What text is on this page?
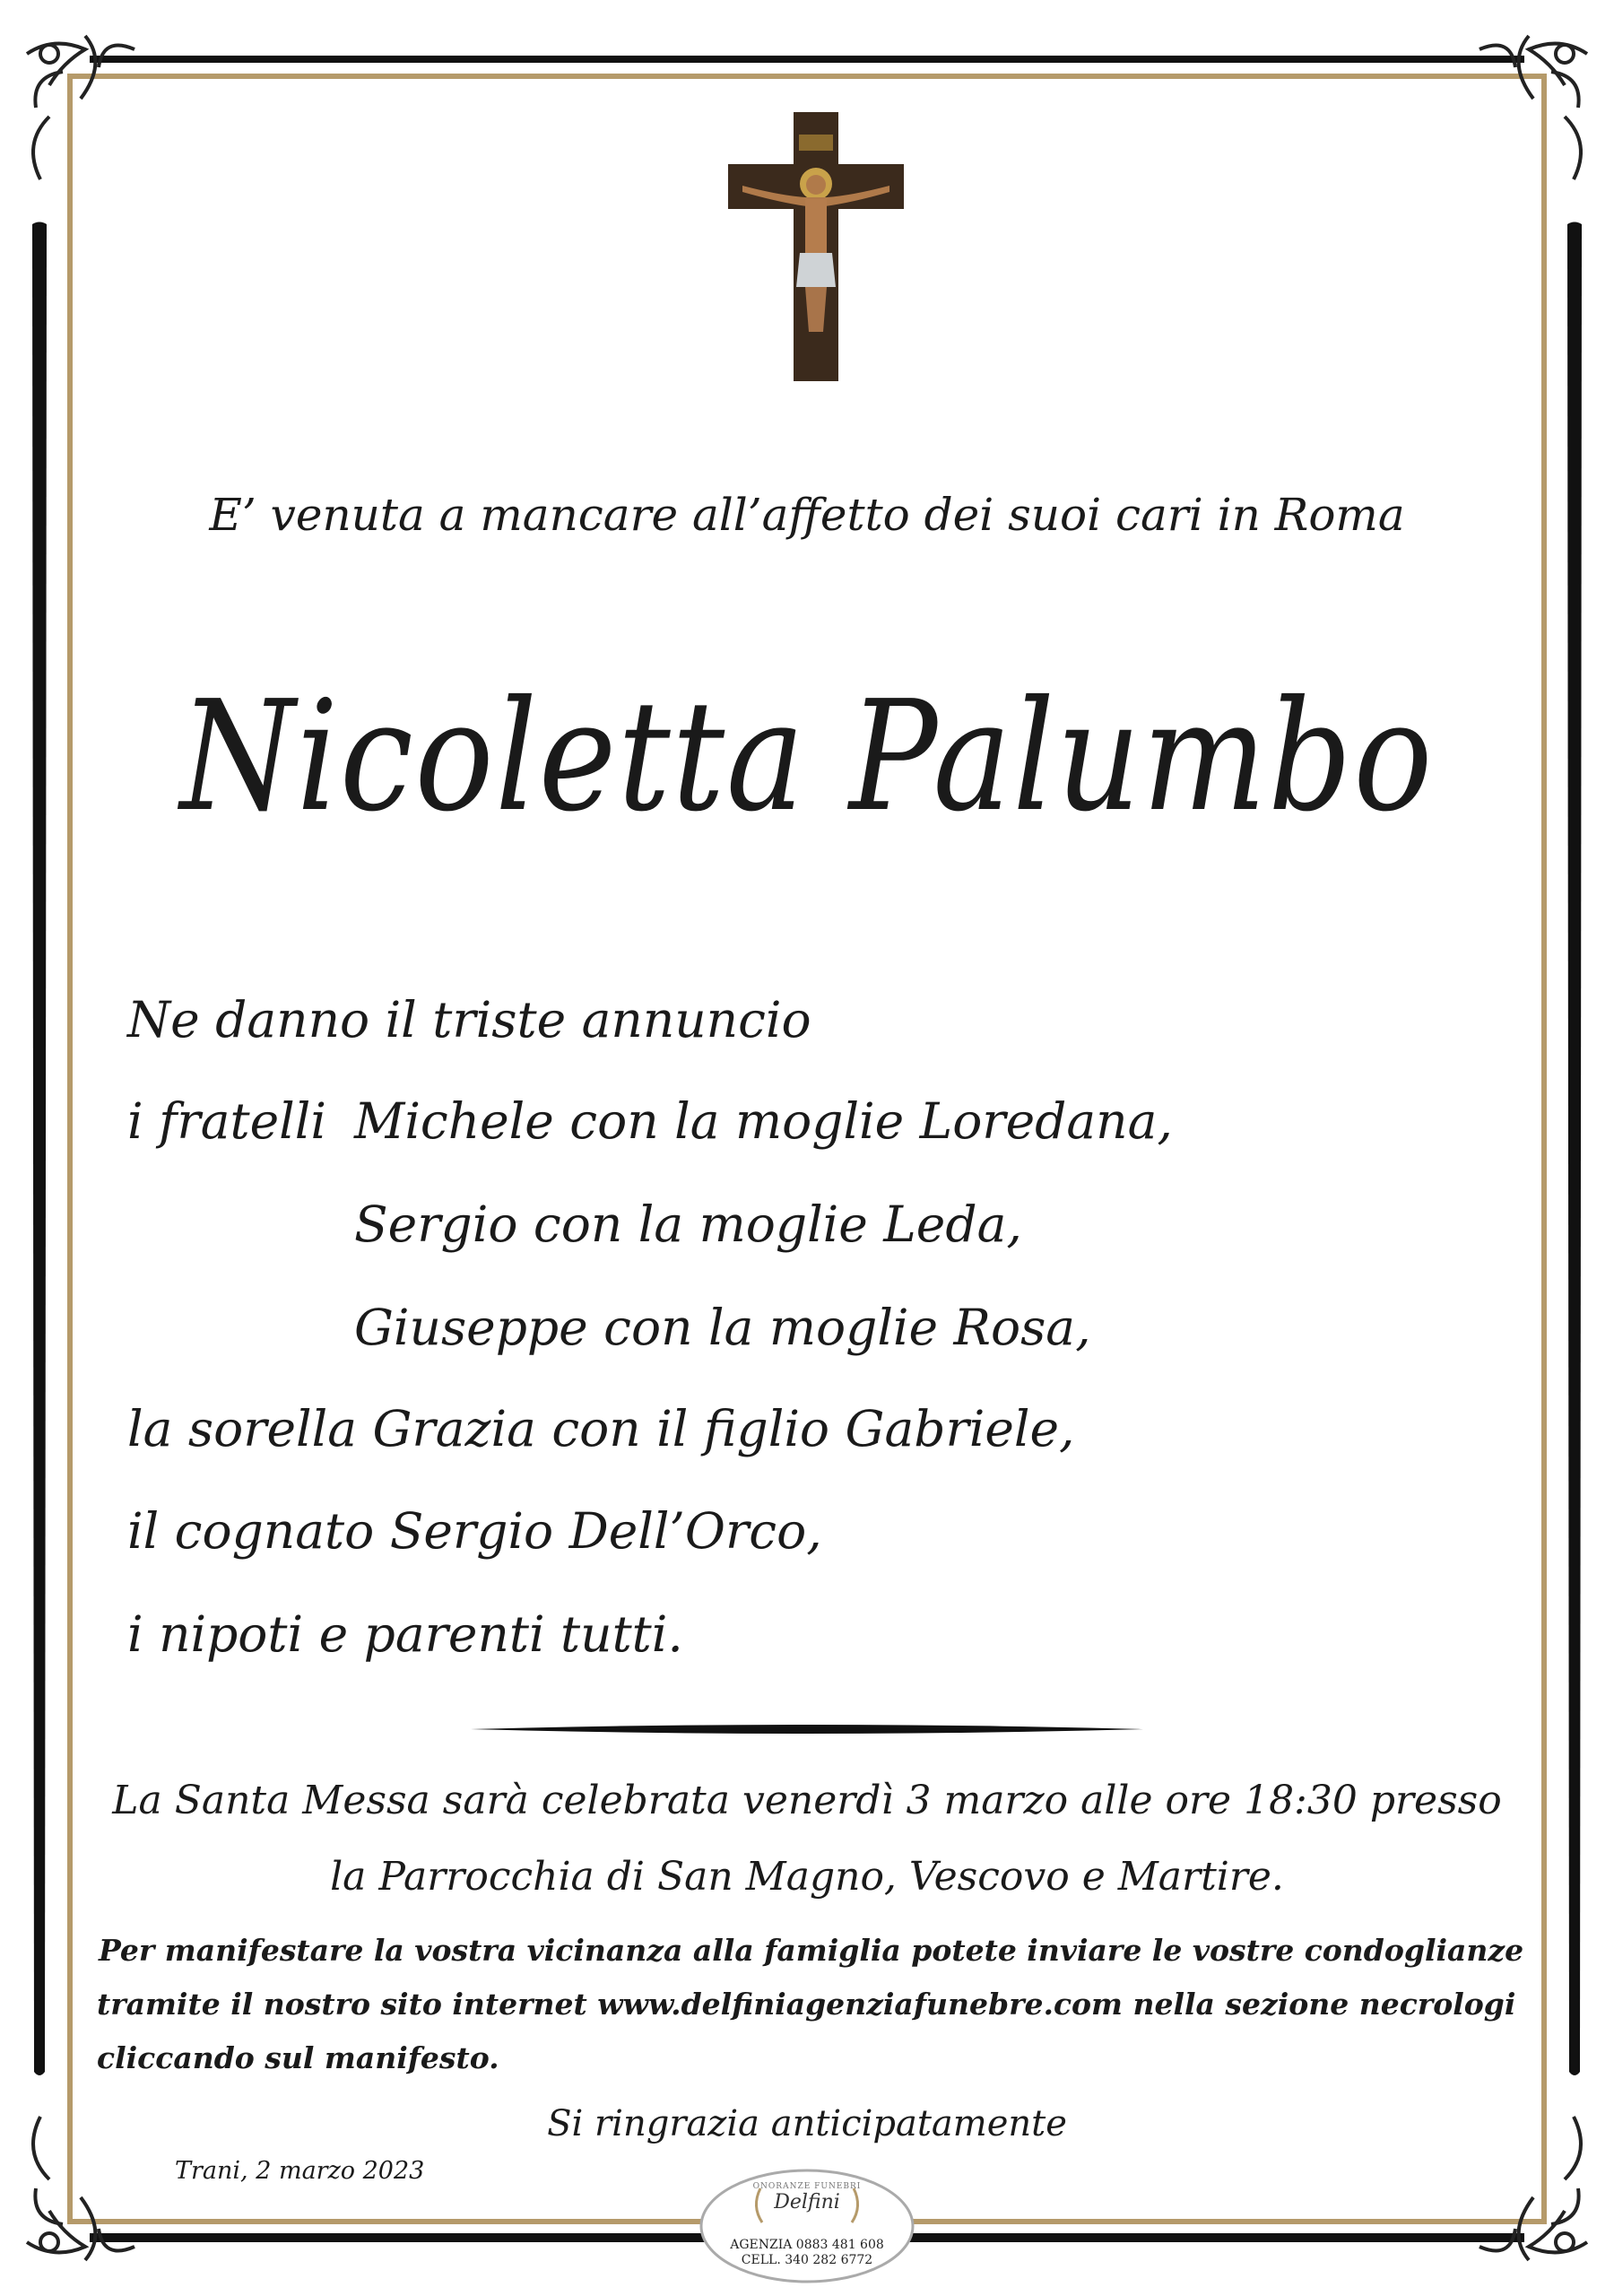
E’ venuta a mancare all’affetto dei suoi cari in Roma
Nicoletta Palumbo
Ne danno il triste annuncio
i fratelli Michele con la moglie Loredana,
Sergio con la moglie Leda,
Giuseppe con la moglie Rosa,
la sorella Grazia con il figlio Gabriele,
il cognato Sergio Dell’Orco,
i nipoti e parenti tutti.
La Santa Messa sarà celebrata venerdì 3 marzo alle ore 18:30 presso
la Parrocchia di San Magno, Vescovo e Martire.
Per manifestare la vostra vicinanza alla famiglia potete inviare le vostre condoglianze
tramite il nostro sito internet www.delfiniagenziafunebre.com nella sezione necrologi
cliccando sul manifesto.
Si ringrazia anticipatamente
Trani, 2 marzo 2023
ONORANZE FUNEBRI
Delfini
AGENZIA 0883 481 608
CELL. 340 282 6772
